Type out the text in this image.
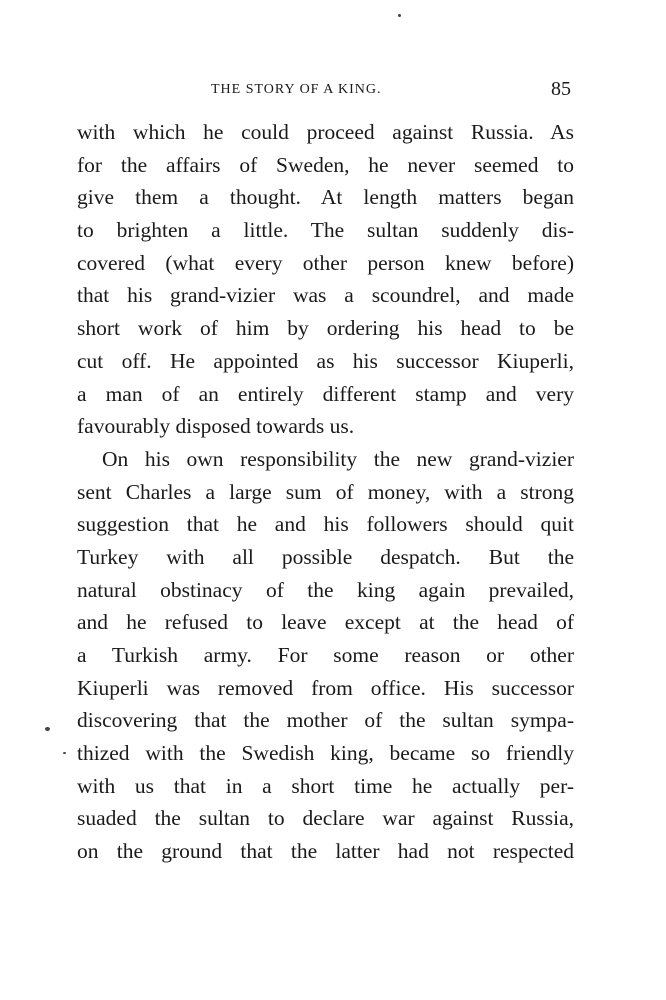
THE STORY OF A KING.	85
with which he could proceed against Russia. As
for the affairs of Sweden, he never seemed to
give them a thought. At length matters began
to brighten a little. The sultan suddenly dis-
covered (what every other person knew before)
that his grand-vizier was a scoundrel, and made
short work of him by ordering his head to be
cut off. He appointed as his successor Kiuperli,
a man of an entirely different stamp and very
favourably disposed towards us.
On his own responsibility the new grand-vizier
sent Charles a large sum of money, with a strong
suggestion that he and his followers should quit
Turkey with all possible despatch. But the
natural obstinacy of the king again prevailed,
and he refused to leave except at the head of
a Turkish army. For some reason or other
Kiuperli was removed from office. His successor
discovering that the mother of the sultan sympa-
thized with the Swedish king, became so friendly
with us that in a short time he actually per-
suaded the sultan to declare war against Russia,
on the ground that the latter had not respected
